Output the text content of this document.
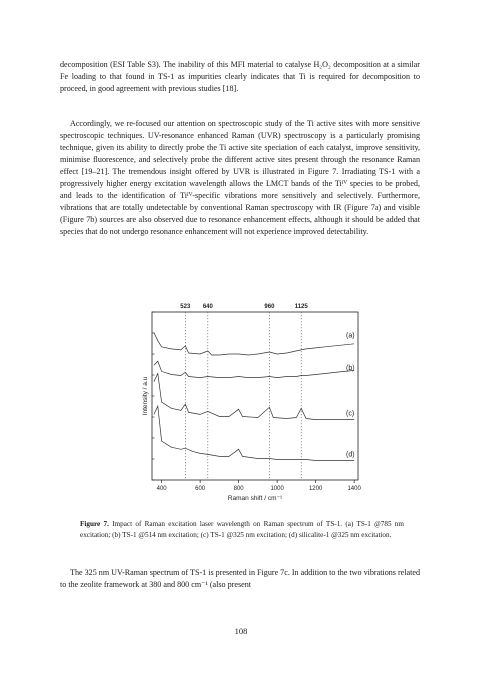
decomposition (ESI Table S3). The inability of this MFI material to catalyse H₂O₂ decomposition at a similar Fe loading to that found in TS-1 as impurities clearly indicates that Ti is required for decomposition to proceed, in good agreement with previous studies [18].

Accordingly, we re-focused our attention on spectroscopic study of the Ti active sites with more sensitive spectroscopic techniques. UV-resonance enhanced Raman (UVR) spectroscopy is a particularly promising technique, given its ability to directly probe the Ti active site speciation of each catalyst, improve sensitivity, minimise fluorescence, and selectively probe the different active sites present through the resonance Raman effect [19–21]. The tremendous insight offered by UVR is illustrated in Figure 7. Irradiating TS-1 with a progressively higher energy excitation wavelength allows the LMCT bands of the Tiᴵⱽ species to be probed, and leads to the identification of Tiᴵⱽ-specific vibrations more sensitively and selectively. Furthermore, vibrations that are totally undetectable by conventional Raman spectroscopy with IR (Figure 7a) and visible (Figure 7b) sources are also observed due to resonance enhancement effects, although it should be added that species that do not undergo resonance enhancement will not experience improved detectability.

523 640	960	1125
400	600	800	1000	1200	1400
Raman shift / cm⁻¹
Intensity / a.u
(a)
(b)
(c)
(d)
Figure 7. Impact of Raman excitation laser wavelength on Raman spectrum of TS-1. (a) TS-1 @785 nm excitation; (b) TS-1 @514 nm excitation; (c) TS-1 @325 nm excitation; (d) silicalite-1 @325 nm excitation.

The 325 nm UV-Raman spectrum of TS-1 is presented in Figure 7c. In addition to the two vibrations related to the zeolite framework at 380 and 800 cm⁻¹ (also present

108
